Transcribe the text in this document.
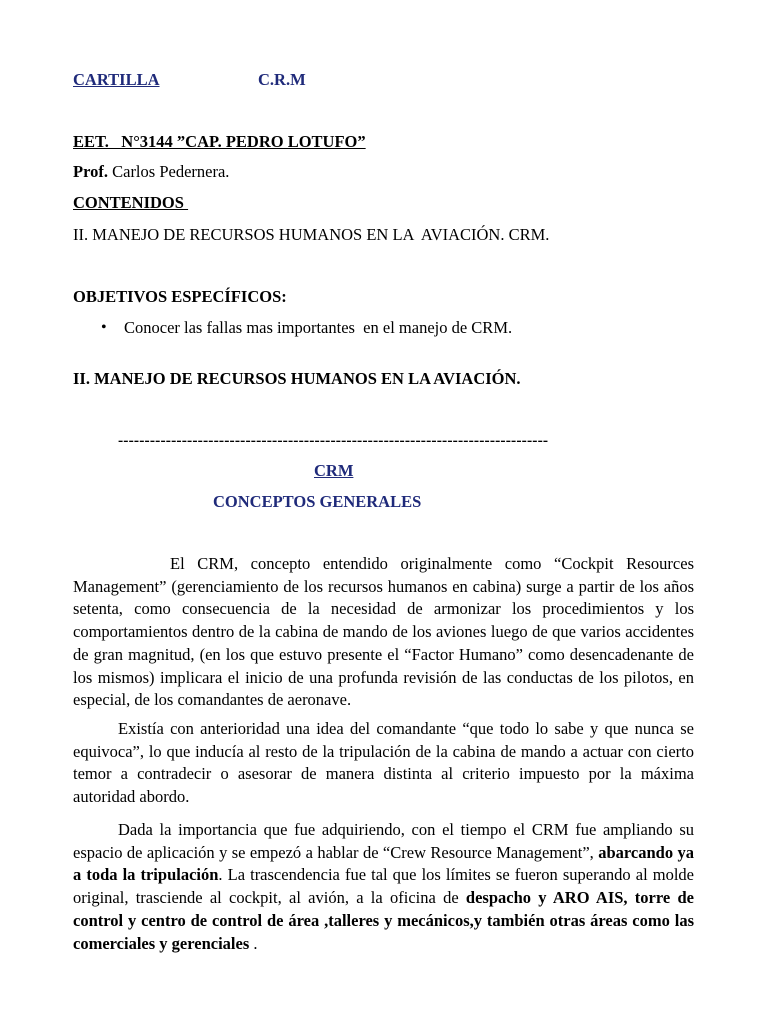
CARTILLA	C.R.M
EET.   N°3144 ”CAP. PEDRO LOTUFO”
Prof. Carlos Pedernera.
CONTENIDOS
II. MANEJO DE RECURSOS HUMANOS EN LA  AVIACIÓN. CRM.
OBJETIVOS ESPECÍFICOS:
• Conocer las fallas mas importantes  en el manejo de CRM.
II. MANEJO DE RECURSOS HUMANOS EN LA AVIACIÓN.
---------------------------------------------------------------------------------
CRM
CONCEPTOS GENERALES

El CRM, concepto entendido originalmente como “Cockpit Resources Management” (gerenciamiento de los recursos humanos en cabina) surge a partir de los años setenta, como consecuencia de la necesidad de armonizar los procedimientos y los comportamientos dentro de la cabina de mando de los aviones luego de que varios accidentes de gran magnitud, (en los que estuvo presente el “Factor Humano” como desencadenante de los mismos) implicara el inicio de una profunda revisión de las conductas de los pilotos, en especial, de los comandantes de aeronave.

Existía con anterioridad una idea del comandante “que todo lo sabe y que nunca se equivoca”, lo que inducía al resto de la tripulación de la cabina de mando a actuar con cierto temor a contradecir o asesorar de manera distinta al criterio impuesto por la máxima autoridad abordo.

Dada la importancia que fue adquiriendo, con el tiempo el CRM fue ampliando su espacio de aplicación y se empezó a hablar de “Crew Resource Management”, abarcando ya a toda la tripulación. La trascendencia fue tal que los límites se fueron superando al molde original, trasciende al cockpit, al avión, a la oficina de despacho y ARO AIS, torre de control y centro de control de área ,talleres y mecánicos,y también otras áreas como las comerciales y gerenciales .
